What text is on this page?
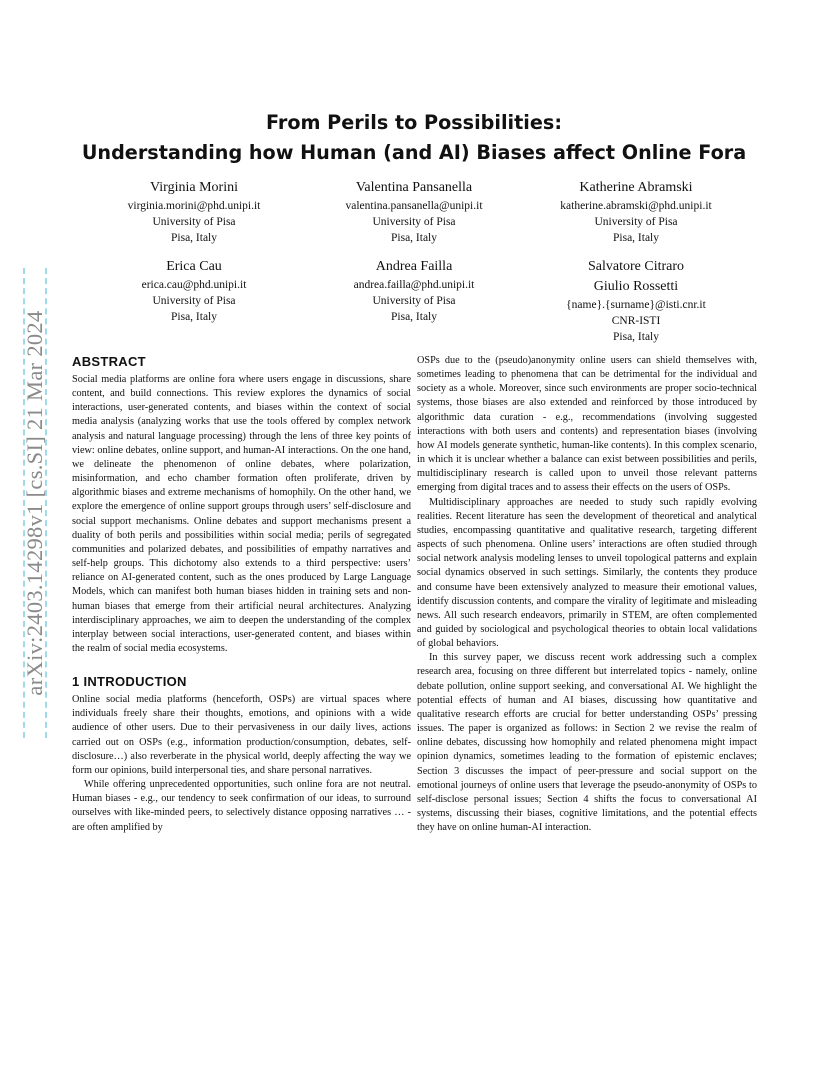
arXiv:2403.14298v1 [cs.SI] 21 Mar 2024
From Perils to Possibilities:
Understanding how Human (and AI) Biases affect Online Fora
Virginia Morini
virginia.morini@phd.unipi.it
University of Pisa
Pisa, Italy
Valentina Pansanella
valentina.pansanella@unipi.it
University of Pisa
Pisa, Italy
Katherine Abramski
katherine.abramski@phd.unipi.it
University of Pisa
Pisa, Italy
Erica Cau
erica.cau@phd.unipi.it
University of Pisa
Pisa, Italy
Andrea Failla
andrea.failla@phd.unipi.it
University of Pisa
Pisa, Italy
Salvatore Citraro
Giulio Rossetti
{name}.{surname}@isti.cnr.it
CNR-ISTI
Pisa, Italy
ABSTRACT

Social media platforms are online fora where users engage in discussions, share content, and build connections. This review explores the dynamics of social interactions, user-generated contents, and biases within the context of social media analysis (analyzing works that use the tools offered by complex network analysis and natural language processing) through the lens of three key points of view: online debates, online support, and human-AI interactions. On the one hand, we delineate the phenomenon of online debates, where polarization, misinformation, and echo chamber formation often proliferate, driven by algorithmic biases and extreme mechanisms of homophily. On the other hand, we explore the emergence of online support groups through users’ self-disclosure and social support mechanisms. Online debates and support mechanisms present a duality of both perils and possibilities within social media; perils of segregated communities and polarized debates, and possibilities of empathy narratives and self-help groups. This dichotomy also extends to a third perspective: users’ reliance on AI-generated content, such as the ones produced by Large Language Models, which can manifest both human biases hidden in training sets and non-human biases that emerge from their artificial neural architectures. Analyzing interdisciplinary approaches, we aim to deepen the understanding of the complex interplay between social interactions, user-generated content, and biases within the realm of social media ecosystems.

1 INTRODUCTION

Online social media platforms (henceforth, OSPs) are virtual spaces where individuals freely share their thoughts, emotions, and opinions with a wide audience of other users. Due to their pervasiveness in our daily lives, actions carried out on OSPs (e.g., information production/consumption, debates, self-disclosure…) also reverberate in the physical world, deeply affecting the way we form our opinions, build interpersonal ties, and share personal narratives.

While offering unprecedented opportunities, such online fora are not neutral. Human biases - e.g., our tendency to seek confirmation of our ideas, to surround ourselves with like-minded peers, to selectively distance opposing narratives … - are often amplified by

OSPs due to the (pseudo)anonymity online users can shield themselves with, sometimes leading to phenomena that can be detrimental for the individual and society as a whole. Moreover, since such environments are proper socio-technical systems, those biases are also extended and reinforced by those introduced by algorithmic data curation - e.g., recommendations (involving suggested interactions with both users and contents) and representation biases (involving how AI models generate synthetic, human-like contents). In this complex scenario, in which it is unclear whether a balance can exist between possibilities and perils, multidisciplinary research is called upon to unveil those relevant patterns emerging from digital traces and to assess their effects on the users of OSPs.

Multidisciplinary approaches are needed to study such rapidly evolving realities. Recent literature has seen the development of theoretical and analytical studies, encompassing quantitative and qualitative research, targeting different aspects of such phenomena. Online users’ interactions are often studied through social network analysis modeling lenses to unveil topological patterns and explain social dynamics observed in such settings. Similarly, the contents they produce and consume have been extensively analyzed to measure their emotional values, identify discussion contents, and compare the virality of legitimate and misleading news. All such research endeavors, primarily in STEM, are often complemented and guided by sociological and psychological theories to obtain local validations of global behaviors.

In this survey paper, we discuss recent work addressing such a complex research area, focusing on three different but interrelated topics - namely, online debate pollution, online support seeking, and conversational AI. We highlight the potential effects of human and AI biases, discussing how quantitative and qualitative research efforts are crucial for better understanding OSPs’ pressing issues. The paper is organized as follows: in Section 2 we revise the realm of online debates, discussing how homophily and related phenomena might impact opinion dynamics, sometimes leading to the formation of epistemic enclaves; Section 3 discusses the impact of peer-pressure and social support on the emotional journeys of online users that leverage the pseudo-anonymity of OSPs to self-disclose personal issues; Section 4 shifts the focus to conversational AI systems, discussing their biases, cognitive limitations, and the potential effects they have on online human-AI interaction.
